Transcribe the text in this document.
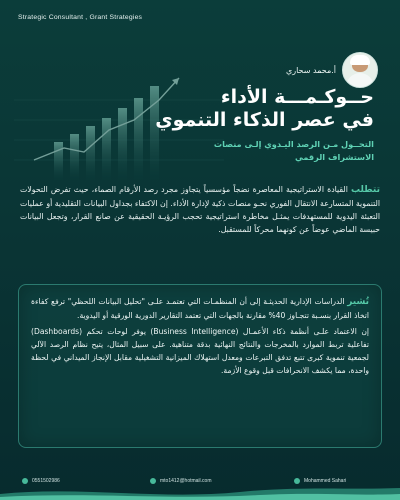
Strategic Consultant , Grant Strategies
أ.محمد سحاري
حــوكـمـــة الأداء
في عصر الذكاء التنموي
التحــول مـن الرصد اليـدوي إلـى منصات الاستشراف الرقمي
تتطلب القيادة الاستراتيجية المعاصرة نضجاً مؤسسياً يتجاوز مجرد رصد الأرقام الصماء، حيث تفرض التحولات التنموية المتسارعة الانتقال الفوري نحـو منصات ذكية لإدارة الأداء. إن الاكتفاء بجداول البيانات التقليدية أو عمليات التعبئة اليدوية للمستهدفات يمثـل مخاطرة استراتيجية تحجب الرؤيـة الحقيقية عن صانع القرار، وتجعل البيانات حبيسة الماضي عوضاً عن كونهما محركاً للمستقبل.

تُشير الدراسات الإدارية الحديثـة إلى أن المنظمـات التي تعتمـد علـى "تحليل البيانات اللحظي" ترفع كفاءة اتخاذ القرار بنسـبة تتجـاوز 40% مقارنة بالجهات التي تعتمد التقارير الدورية الورقية أو اليدوية.

إن الاعتماد علـى أنظمة ذكاء الأعمـال (Business Intelligence) يوفر لوحات تحكم (Dashboards) تفاعلية تربط الموارد بالمخرجات والنتائج النهائية بدقة متناهية. على سبيل المثال، يتيح نظام الرصد الآلي لجمعية تنموية كبرى تتبع تدفق التبرعات ومعدل استهلاك الميزانية التشغيلية مقابل الإنجاز الميداني في لحظة واحدة، مما يكشف الانحرافات قبل وقوع الأزمة.

0551502986	mto1412@hotmail.com	Mohammed Sahari
